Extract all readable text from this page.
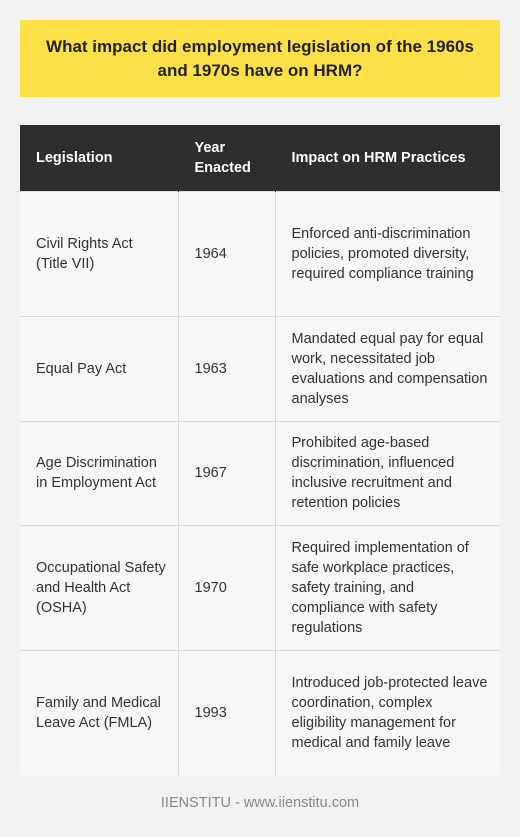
What impact did employment legislation of the 1960s and 1970s have on HRM?
Legislation	Year Enacted	Impact on HRM Practices
Civil Rights Act (Title VII)	1964	Enforced anti-discrimination policies, promoted diversity, required compliance training
Equal Pay Act	1963	Mandated equal pay for equal work, necessitated job evaluations and compensation analyses
Age Discrimination in Employment Act	1967	Prohibited age-based discrimination, influenced inclusive recruitment and retention policies
Occupational Safety and Health Act (OSHA)	1970	Required implementation of safe workplace practices, safety training, and compliance with safety regulations
Family and Medical Leave Act (FMLA)	1993	Introduced job-protected leave coordination, complex eligibility management for medical and family leave
IIENSTITU - www.iienstitu.com
